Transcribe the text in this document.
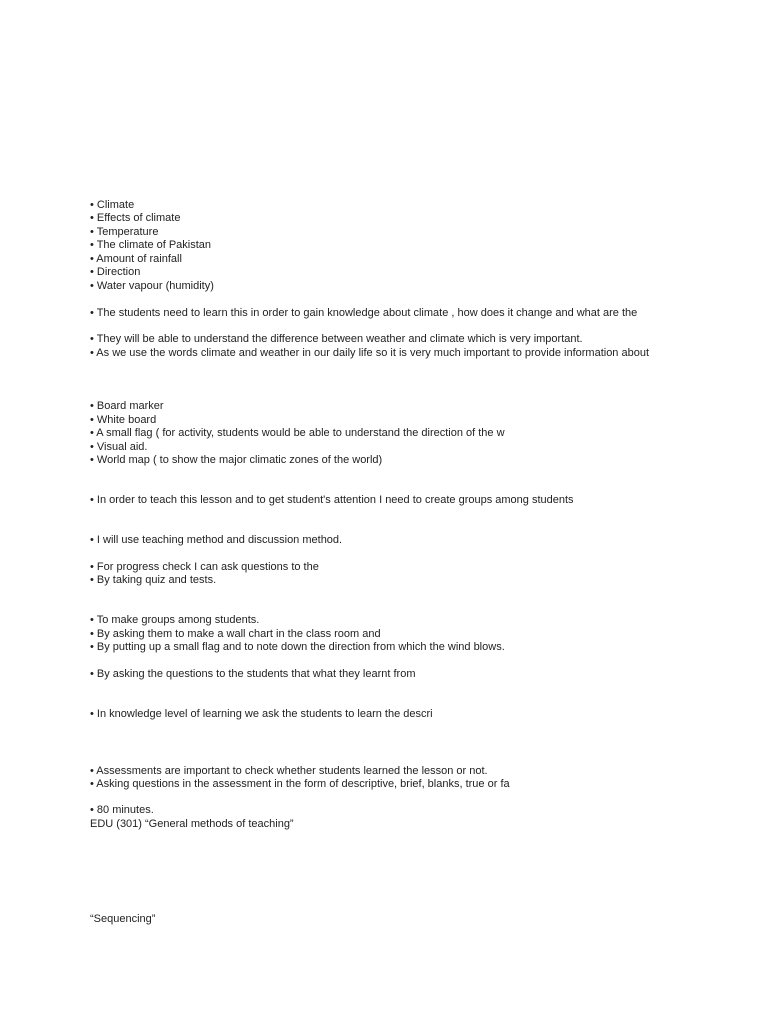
• Climate

• Effects of climate

• Temperature

• The climate of Pakistan

• Amount of rainfall

• Direction

• Water vapour (humidity)

• The students need to learn this in order to gain knowledge about climate , how does it change and what are the

• They will be able to understand the difference between weather and climate which is very important.

• As we use the words climate and weather in our daily life so it is very much important to provide information about

• Board marker

• White board

• A small flag ( for activity, students would be able to understand the direction of the w

• Visual aid.

• World map ( to show the major climatic zones of the world)

• In order to teach this lesson and to get student's attention I need to create groups among students

• I will use teaching method and discussion method.

• For progress check I can ask questions to the

• By taking quiz and tests.

• To make groups among students.

• By asking them to make a wall chart in the class room and

• By putting up a small flag and to note down the direction from which the wind blows.

• By asking the questions to the students that what they learnt from

• In knowledge level of learning we ask the students to learn the descri

• Assessments are important to check whether students learned the lesson or not.

• Asking questions in the assessment in the form of descriptive, brief, blanks, true or fa

• 80 minutes.

EDU (301) “General methods of teaching”

“Sequencing”
